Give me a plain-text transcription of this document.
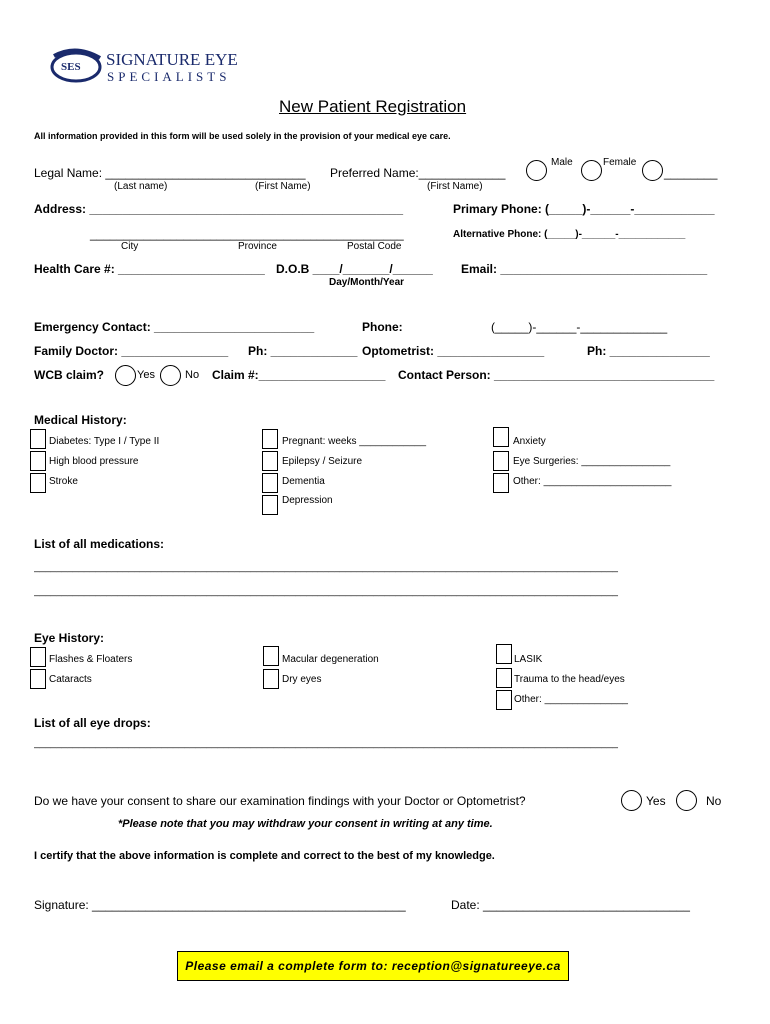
SES SIGNATURE EYE
SPECIALISTS
New Patient Registration
All information provided in this form will be used solely in the provision of your medical eye care.
Legal Name: ______________________________
(Last name)	(First Name)
Preferred Name:_____________
(First Name)
Male	Female
________
Address: _______________________________________________	Primary Phone: (_____)-______-____________
_______________________________________________	Alternative Phone: (_____)-______-____________
City	Province	Postal Code
Health Care #: ______________________ D.O.B ____/_______/______ Email: _______________________________
Day/Month/Year
Emergency Contact: ________________________	Phone:	(_____)-______-_____________
Family Doctor: ________________ Ph: _____________ Optometrist: ________________	Ph: _______________
WCB claim?	Yes	No Claim #:___________________ Contact Person: _________________________________
Medical History:
Diabetes: Type I / Type II
High blood pressure
Stroke
Pregnant: weeks ____________
Epilepsy / Seizure
Dementia
Depression
Anxiety
Eye Surgeries: ________________
Other: _______________________
List of all medications:
_________________________________________________________________________________________________________
_________________________________________________________________________________________________________
Eye History:
Flashes & Floaters
Cataracts
Macular degeneration
Dry eyes
LASIK
Trauma to the head/eyes
Other: _______________
List of all eye drops:
_________________________________________________________________________________________________________
Do we have your consent to share our examination findings with your Doctor or Optometrist?	Yes	No
*Please note that you may withdraw your consent in writing at any time.
I certify that the above information is complete and correct to the best of my knowledge.
Signature: _______________________________________________	Date: _______________________________
Please email a complete form to: reception@signatureeye.ca
